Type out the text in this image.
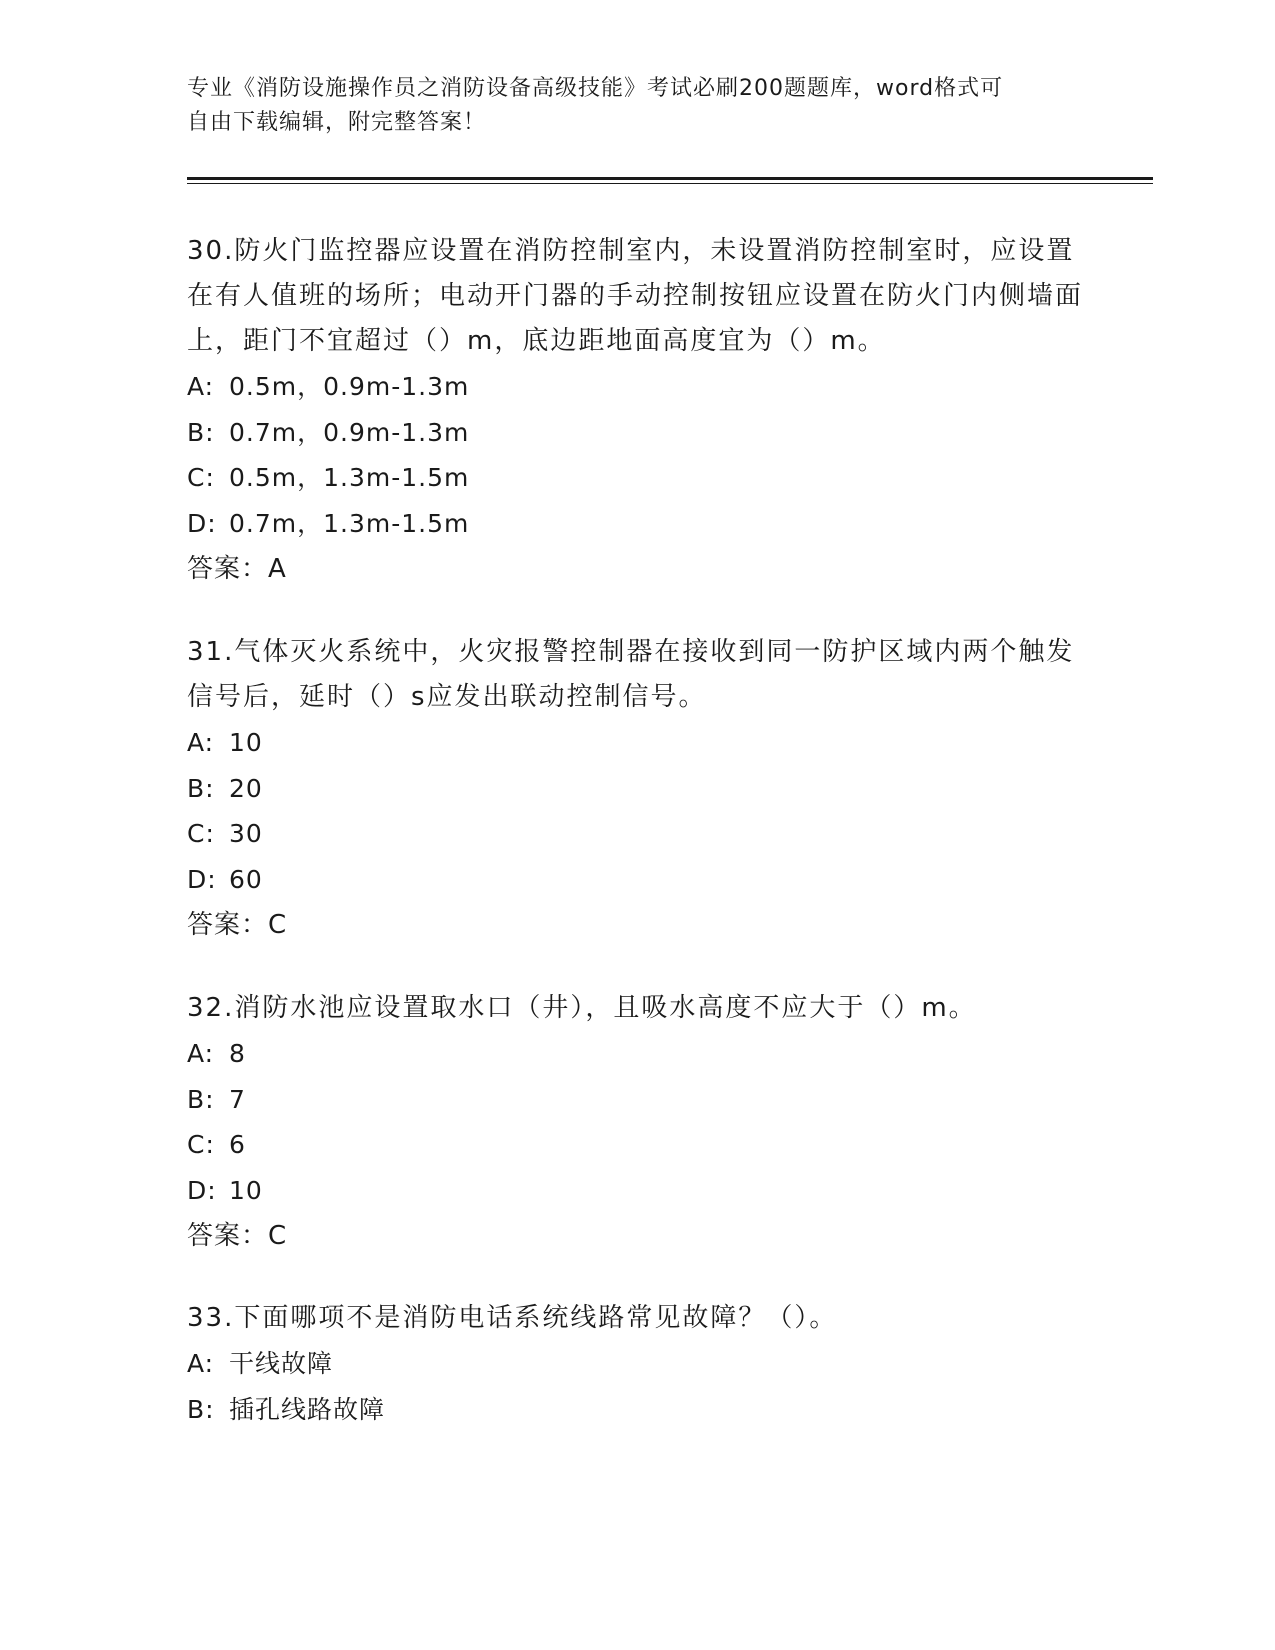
专业《消防设施操作员之消防设备高级技能》考试必刷200题题库，word格式可
自由下载编辑，附完整答案！

30.防火门监控器应设置在消防控制室内，未设置消防控制室时，应设置在有人值班的场所；电动开门器的手动控制按钮应设置在防火门内侧墙面上，距门不宜超过（）m，底边距地面高度宜为（）m。

A: 0.5m，0.9m-1.3m

B: 0.7m，0.9m-1.3m

C: 0.5m，1.3m-1.5m

D: 0.7m，1.3m-1.5m

答案：A

31.气体灭火系统中，火灾报警控制器在接收到同一防护区域内两个触发信号后，延时（）s应发出联动控制信号。

A: 10

B: 20

C: 30

D: 60

答案：C

32.消防水池应设置取水口（井），且吸水高度不应大于（）m。

A: 8

B: 7

C: 6

D: 10

答案：C

33.下面哪项不是消防电话系统线路常见故障？（）。

A: 干线故障

B: 插孔线路故障
